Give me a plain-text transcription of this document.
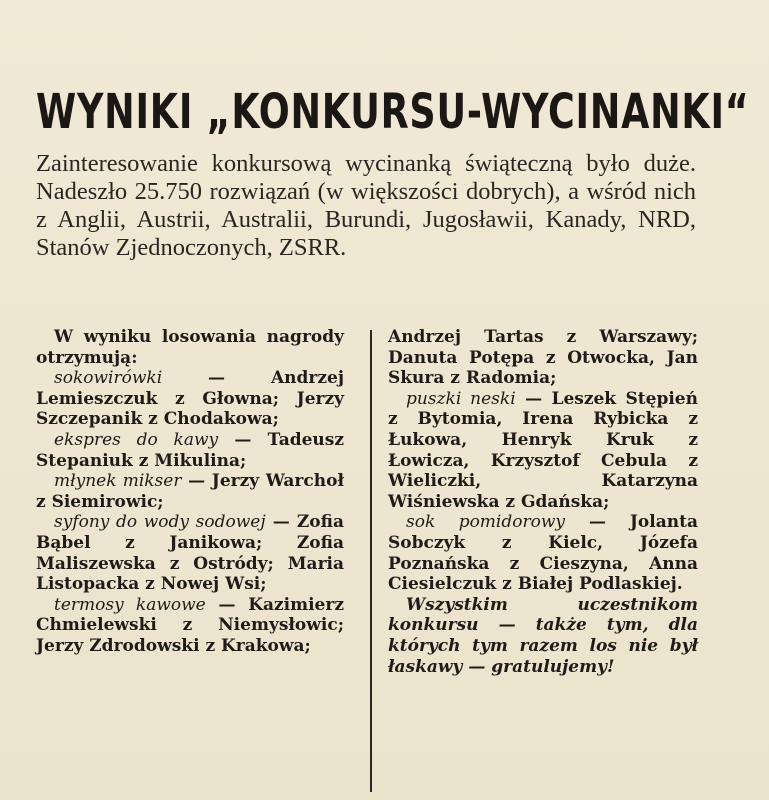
WYNIKI „KONKURSU-WYCINANKI“

Zainteresowanie konkursową wycinanką świąteczną było duże. Nadeszło 25.750 rozwiązań (w większości dobrych), a wśród nich z Anglii, Austrii, Australii, Burundi, Jugosławii, Kanady, NRD, Stanów Zjednoczonych, ZSRR.

W wyniku losowania nagrody otrzymują:

sokowirówki — Andrzej Lemieszczuk z Głowna; Jerzy Szczepanik z Chodakowa;

ekspres do kawy — Tadeusz Stepaniuk z Mikulina;

młynek mikser — Jerzy Warchoł z Siemirowic;

syfony do wody sodowej — Zofia Bąbel z Janikowa; Zofia Maliszewska z Ostródy; Maria Listopacka z Nowej Wsi;

termosy kawowe — Kazimierz Chmielewski z Niemysłowic; Jerzy Zdrodowski z Krakowa;

Andrzej Tartas z Warszawy; Danuta Potępa z Otwocka, Jan Skura z Radomia;

puszki neski — Leszek Stępień z Bytomia, Irena Rybicka z Łukowa, Henryk Kruk z Łowicza, Krzysztof Cebula z Wieliczki, Katarzyna Wiśniewska z Gdańska;

sok pomidorowy — Jolanta Sobczyk z Kielc, Józefa Poznańska z Cieszyna, Anna Ciesielczuk z Białej Podlaskiej.

Wszystkim uczestnikom konkursu — także tym, dla których tym razem los nie był łaskawy — gratulujemy!
